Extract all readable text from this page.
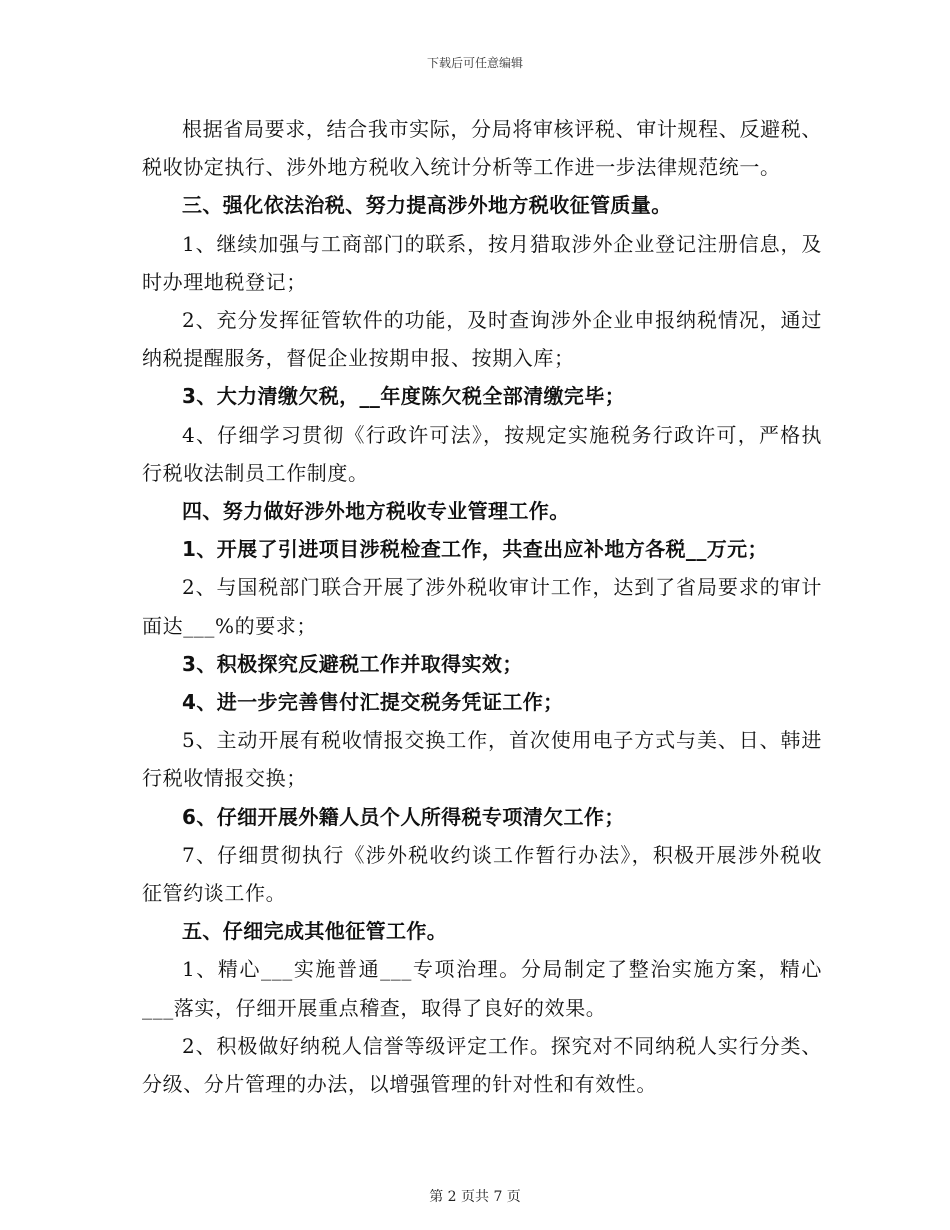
下载后可任意编辑

根据省局要求，结合我市实际，分局将审核评税、审计规程、反避税、税收协定执行、涉外地方税收入统计分析等工作进一步法律规范统一。

三、强化依法治税、努力提高涉外地方税收征管质量。

1、继续加强与工商部门的联系，按月猎取涉外企业登记注册信息，及时办理地税登记；

2、充分发挥征管软件的功能，及时查询涉外企业申报纳税情况，通过纳税提醒服务，督促企业按期申报、按期入库；

3、大力清缴欠税，__年度陈欠税全部清缴完毕；

4、仔细学习贯彻《行政许可法》，按规定实施税务行政许可，严格执行税收法制员工作制度。

四、努力做好涉外地方税收专业管理工作。

1、开展了引进项目涉税检查工作，共查出应补地方各税__万元；

2、与国税部门联合开展了涉外税收审计工作，达到了省局要求的审计面达___%的要求；

3、积极探究反避税工作并取得实效；

4、进一步完善售付汇提交税务凭证工作；

5、主动开展有税收情报交换工作，首次使用电子方式与美、日、韩进行税收情报交换；

6、仔细开展外籍人员个人所得税专项清欠工作；

7、仔细贯彻执行《涉外税收约谈工作暂行办法》，积极开展涉外税收征管约谈工作。

五、仔细完成其他征管工作。

1、精心___实施普通___专项治理。分局制定了整治实施方案，精心___落实，仔细开展重点稽查，取得了良好的效果。

2、积极做好纳税人信誉等级评定工作。探究对不同纳税人实行分类、分级、分片管理的办法，以增强管理的针对性和有效性。

第 2 页共 7 页
